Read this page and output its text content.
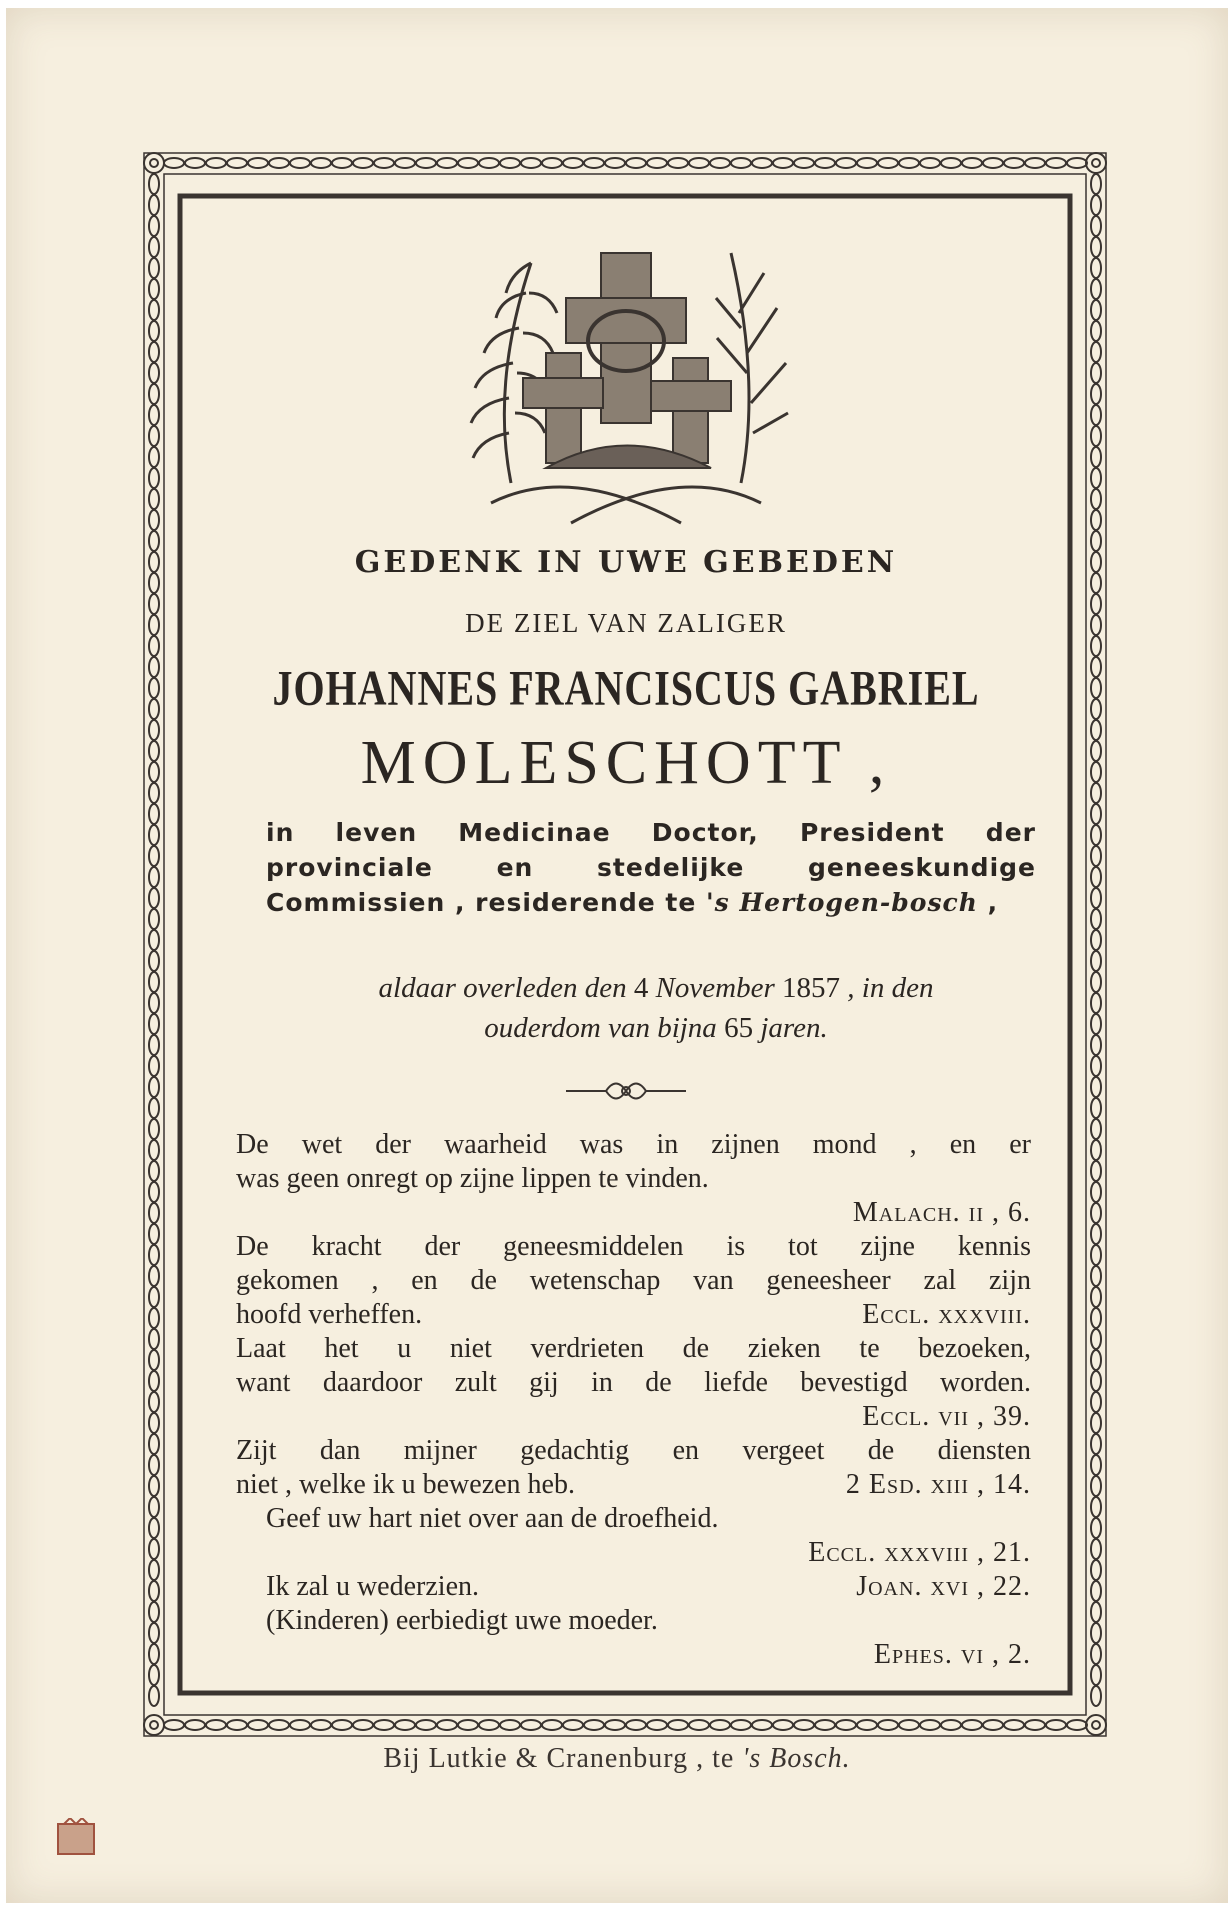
GEDENK IN UWE GEBEDEN
DE ZIEL VAN ZALIGER
JOHANNES FRANCISCUS GABRIEL
MOLESCHOTT ,
in leven Medicinae Doctor, President der provinciale en stedelijke geneeskundige Commissien , residerende te 's Hertogen-bosch ,
aldaar overleden den 4 November 1857 , in den
ouderdom van bijna 65 jaren.
De wet der waarheid was in zijnen mond , en er
was geen onregt op zijne lippen te vinden.
Malach. ii , 6.
De kracht der geneesmiddelen is tot zijne kennis
gekomen , en de wetenschap van geneesheer zal zijn
hoofd verheffen.	Eccl. xxxviii.
Laat het u niet verdrieten de zieken te bezoeken,
want daardoor zult gij in de liefde bevestigd worden.
Eccl. vii , 39.
Zijt dan mijner gedachtig en vergeet de diensten
niet , welke ik u bewezen heb.	2 Esd. xiii , 14.
Geef uw hart niet over aan de droefheid.
Eccl. xxxviii , 21.
Ik zal u wederzien.	Joan. xvi , 22.
(Kinderen) eerbiedigt uwe moeder.
Ephes. vi , 2.
Bij Lutkie & Cranenburg , te 's Bosch.
